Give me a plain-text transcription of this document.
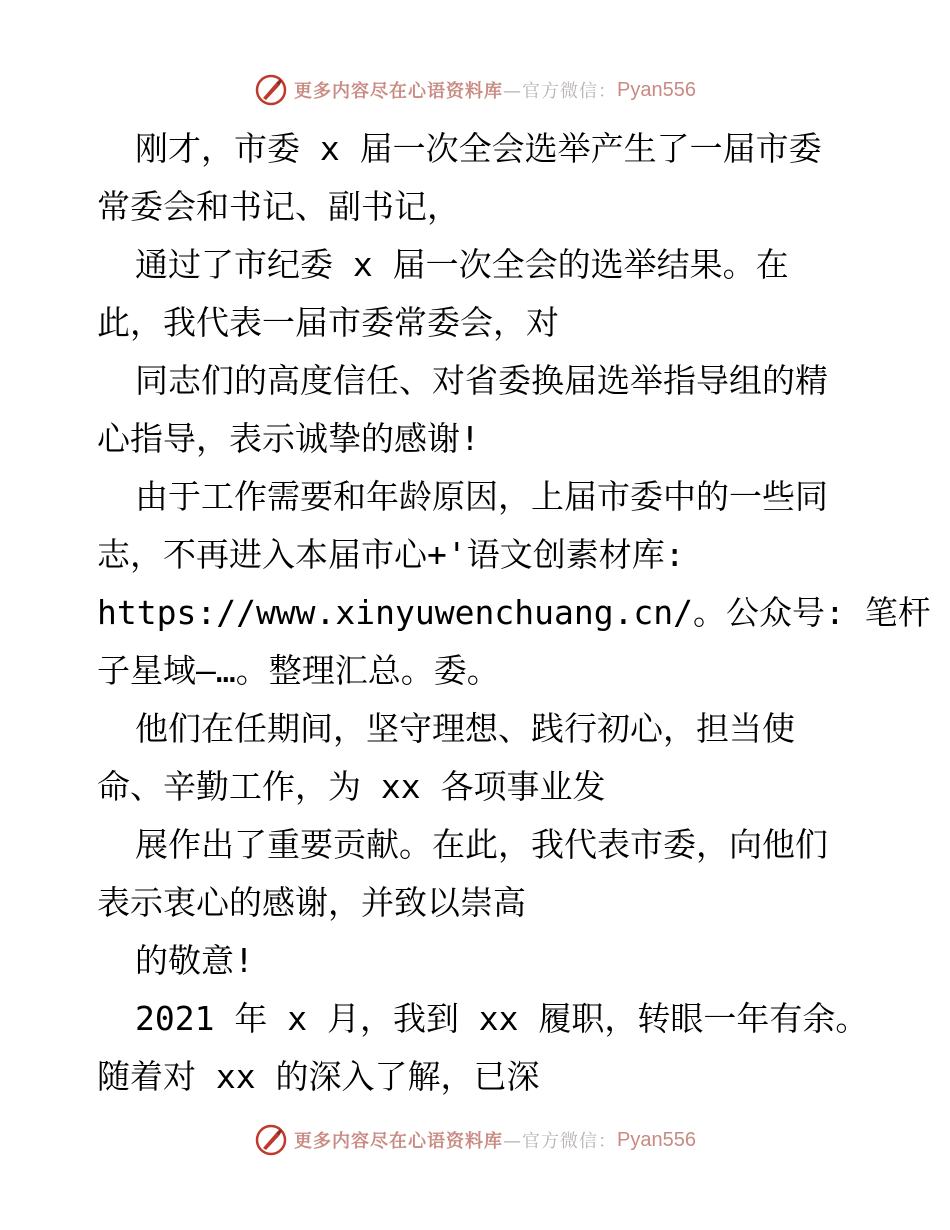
更多内容尽在心语资料库 —官方微信： Pyan556
刚才，市委 x 届一次全会选举产生了一届市委
常委会和书记、副书记，
通过了市纪委 x 届一次全会的选举结果。在
此，我代表一届市委常委会，对
同志们的高度信任、对省委换届选举指导组的精
心指导，表示诚挚的感谢!
由于工作需要和年龄原因，上届市委中的一些同
志，不再进入本届市心+'语文创素材库:
https://www.xinyuwenchuang.cn/。公众号: 笔杆
子星域—…。整理汇总。委。
他们在任期间，坚守理想、践行初心，担当使
命、辛勤工作，为 xx 各项事业发
展作出了重要贡献。在此，我代表市委，向他们
表示衷心的感谢，并致以崇高
的敬意!
2021 年 x 月，我到 xx 履职，转眼一年有余。
随着对 xx 的深入了解，已深
更多内容尽在心语资料库 —官方微信： Pyan556
